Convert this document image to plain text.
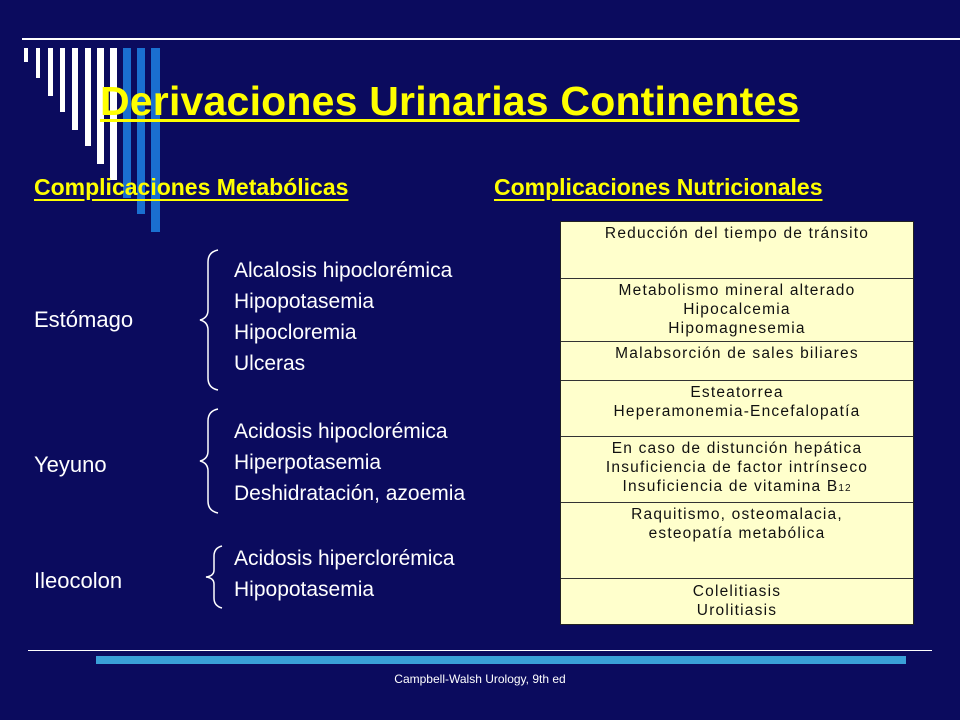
Derivaciones Urinarias Continentes
Complicaciones Metabólicas	Complicaciones Nutricionales
Estómago
Alcalosis hipoclorémica
Hipopotasemia
Hipocloremia
Ulceras
Yeyuno
Acidosis hipoclorémica
Hiperpotasemia
Deshidratación, azoemia
Ileocolon
Acidosis hiperclorémica
Hipopotasemia
Reducción del tiempo de tránsito
Metabolismo mineral alterado
Hipocalcemia
Hipomagnesemia
Malabsorción de sales biliares
Esteatorrea
Heperamonemia-Encefalopatía
En caso de distunción hepática
Insuficiencia de factor intrínseco
Insuficiencia de vitamina B12
Raquitismo, osteomalacia,
esteopatía metabólica
Colelitiasis
Urolitiasis
Campbell-Walsh Urology, 9th ed
